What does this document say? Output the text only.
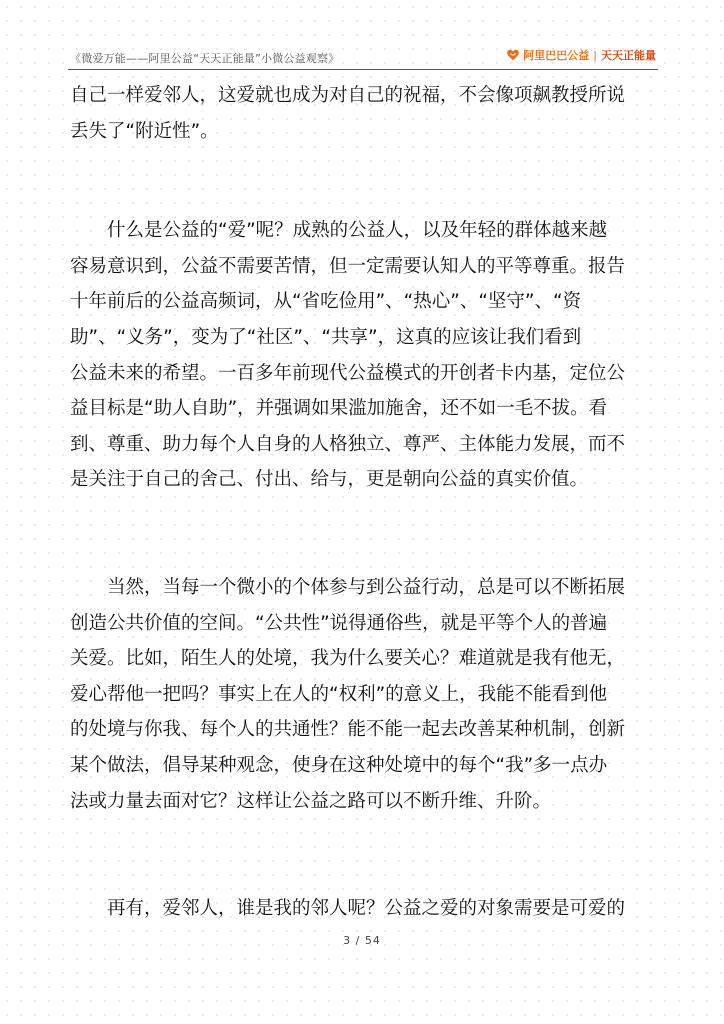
《微爱万能——阿里公益“天天正能量”小微公益观察》	阿里巴巴公益 | 天天正能量
自己一样爱邻人，这爱就也成为对自己的祝福，不会像项飙教授所说
丢失了“附近性”。
什么是公益的“爱”呢？成熟的公益人，以及年轻的群体越来越
容易意识到，公益不需要苦情，但一定需要认知人的平等尊重。报告
十年前后的公益高频词，从“省吃俭用”、“热心”、“坚守”、“资
助”、“义务”，变为了“社区”、“共享”，这真的应该让我们看到
公益未来的希望。一百多年前现代公益模式的开创者卡内基，定位公
益目标是“助人自助”，并强调如果滥加施舍，还不如一毛不拔。看
到、尊重、助力每个人自身的人格独立、尊严、主体能力发展，而不
是关注于自己的舍己、付出、给与，更是朝向公益的真实价值。
当然，当每一个微小的个体参与到公益行动，总是可以不断拓展
创造公共价值的空间。“公共性”说得通俗些，就是平等个人的普遍
关爱。比如，陌生人的处境，我为什么要关心？难道就是我有他无，
爱心帮他一把吗？事实上在人的“权利”的意义上，我能不能看到他
的处境与你我、每个人的共通性？能不能一起去改善某种机制，创新
某个做法，倡导某种观念，使身在这种处境中的每个“我”多一点办
法或力量去面对它？这样让公益之路可以不断升维、升阶。
再有，爱邻人，谁是我的邻人呢？公益之爱的对象需要是可爱的
3 / 54
